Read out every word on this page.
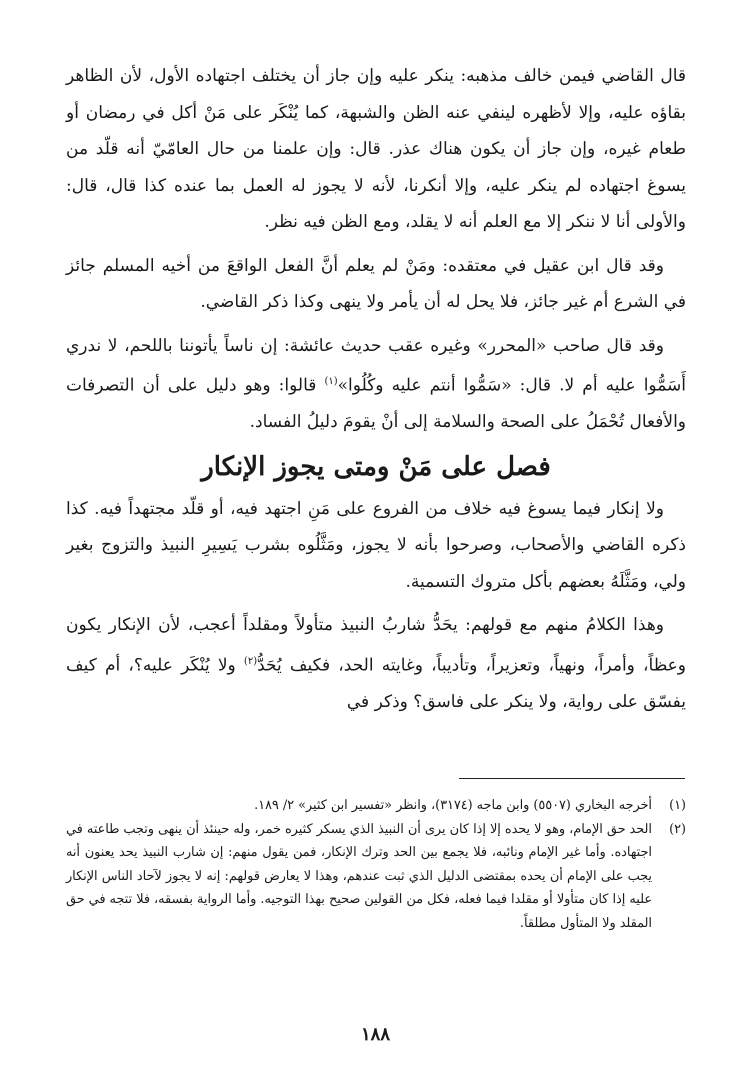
قال القاضي فيمن خالف مذهبه: ينكر عليه وإن جاز أن يختلف اجتهاده الأول، لأن الظاهر بقاؤه عليه، وإلا لأظهره لينفي عنه الظن والشبهة، كما يُنْكَر على مَنْ أكل في رمضان أو طعام غيره، وإن جاز أن يكون هناك عذر. قال: وإن علمنا من حال العامّيّ أنه قلّد من يسوغ اجتهاده لم ينكر عليه، وإلا أنكرنا، لأنه لا يجوز له العمل بما عنده كذا قال، قال: والأولى أنا لا ننكر إلا مع العلم أنه لا يقلد، ومع الظن فيه نظر.

وقد قال ابن عقيل في معتقده: ومَنْ لم يعلم أنَّ الفعل الواقعَ من أخيه المسلم جائز في الشرع أم غير جائز، فلا يحل له أن يأمر ولا ينهى وكذا ذكر القاضي.

وقد قال صاحب «المحرر» وغيره عقب حديث عائشة: إن ناساً يأتوننا باللحم، لا ندري أَسَمُّوا عليه أم لا. قال: «سَمُّوا أنتم عليه وكُلُوا»$^{(١)}$ قالوا: وهو دليل على أن التصرفات والأفعال تُحْمَلُ على الصحة والسلامة إلى أنْ يقومَ دليلُ الفساد.

فصل على مَنْ ومتى يجوز الإنكار

ولا إنكار فيما يسوغ فيه خلاف من الفروع على مَنِ اجتهد فيه، أو قلّد مجتهداً فيه. كذا ذكره القاضي والأصحاب، وصرحوا بأنه لا يجوز، ومَثَّلُوه بشرب يَسِيرِ النبيذ والتزوج بغير ولي، ومَثَّلَهُ بعضهم بأكل متروك التسمية.

وهذا الكلامُ منهم مع قولهم: يحَدُّ شاربُ النبيذ متأولاً ومقلداً أعجب، لأن الإنكار يكون وعظاً، وأمراً، ونهياً، وتعزيراً، وتأديباً، وغايته الحد، فكيف يُحَدُّ$^{(٢)}$ ولا يُنْكَر عليه؟، أم كيف يفسّق على رواية، ولا ينكر على فاسق؟ وذكر في

(١)
أخرجه البخاري (٥٥٠٧) وابن ماجه (٣١٧٤)، وانظر «تفسير ابن كثير» ٢/ ١٨٩.
(٢)
الحد حق الإمام، وهو لا يحده إلا إذا كان يرى أن النبيذ الذي يسكر كثيره خمر، وله حينئذ أن ينهى وتجب طاعته في اجتهاده. وأما غير الإمام ونائبه، فلا يجمع بين الحد وترك الإنكار، فمن يقول منهم: إن شارب النبيذ يحد يعنون أنه يجب على الإمام أن يحده بمقتضى الدليل الذي ثبت عندهم، وهذا لا يعارض قولهم: إنه لا يجوز لآحاد الناس الإنكار عليه إذا كان متأولا أو مقلدا فيما فعله، فكل من القولين صحيح بهذا التوجيه. وأما الرواية بفسقه، فلا تتجه في حق المقلد ولا المتأول مطلقاً.
١٨٨
